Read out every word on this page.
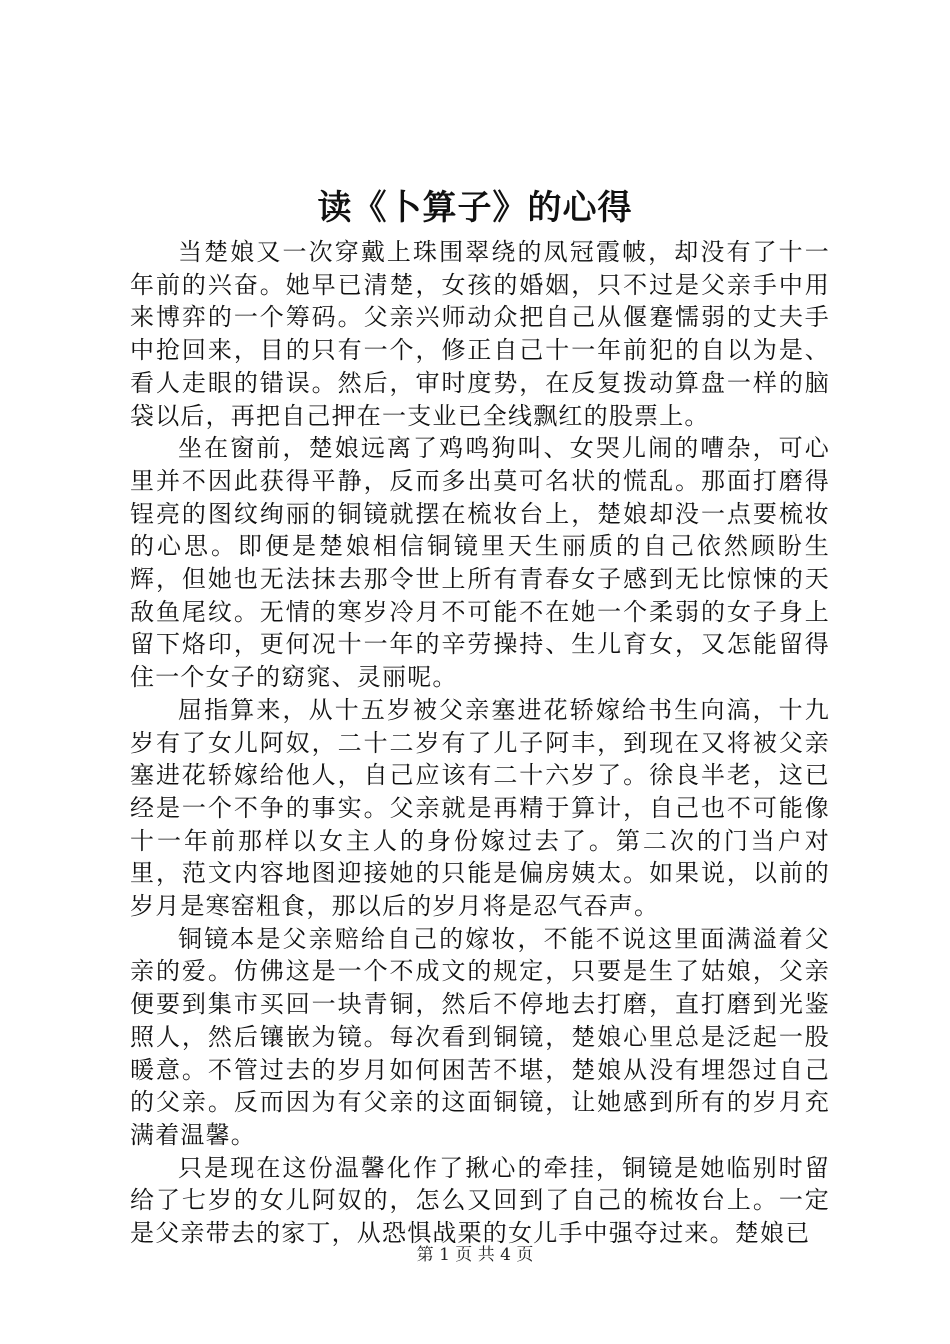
读《卜算子》的心得

当楚娘又一次穿戴上珠围翠绕的凤冠霞帔，却没有了十一年前的兴奋。她早已清楚，女孩的婚姻，只不过是父亲手中用来博弈的一个筹码。父亲兴师动众把自己从偃蹇懦弱的丈夫手中抢回来，目的只有一个，修正自己十一年前犯的自以为是、看人走眼的错误。然后，审时度势，在反复拨动算盘一样的脑袋以后，再把自己押在一支业已全线飘红的股票上。

坐在窗前，楚娘远离了鸡鸣狗叫、女哭儿闹的嘈杂，可心里并不因此获得平静，反而多出莫可名状的慌乱。那面打磨得锃亮的图纹绚丽的铜镜就摆在梳妆台上，楚娘却没一点要梳妆的心思。即便是楚娘相信铜镜里天生丽质的自己依然顾盼生辉，但她也无法抹去那令世上所有青春女子感到无比惊悚的天敌鱼尾纹。无情的寒岁冷月不可能不在她一个柔弱的女子身上留下烙印，更何况十一年的辛劳操持、生儿育女，又怎能留得住一个女子的窈窕、灵丽呢。

屈指算来，从十五岁被父亲塞进花轿嫁给书生向滈，十九岁有了女儿阿奴，二十二岁有了儿子阿丰，到现在又将被父亲塞进花轿嫁给他人，自己应该有二十六岁了。徐良半老，这已经是一个不争的事实。父亲就是再精于算计，自己也不可能像十一年前那样以女主人的身份嫁过去了。第二次的门当户对里，范文内容地图迎接她的只能是偏房姨太。如果说，以前的岁月是寒窑粗食，那以后的岁月将是忍气吞声。

铜镜本是父亲赔给自己的嫁妆，不能不说这里面满溢着父亲的爱。仿佛这是一个不成文的规定，只要是生了姑娘，父亲便要到集市买回一块青铜，然后不停地去打磨，直打磨到光鉴照人，然后镶嵌为镜。每次看到铜镜，楚娘心里总是泛起一股暖意。不管过去的岁月如何困苦不堪，楚娘从没有埋怨过自己的父亲。反而因为有父亲的这面铜镜，让她感到所有的岁月充满着温馨。

只是现在这份温馨化作了揪心的牵挂，铜镜是她临别时留给了七岁的女儿阿奴的，怎么又回到了自己的梳妆台上。一定是父亲带去的家丁，从恐惧战栗的女儿手中强夺过来。楚娘已

第 1 页 共 4 页
